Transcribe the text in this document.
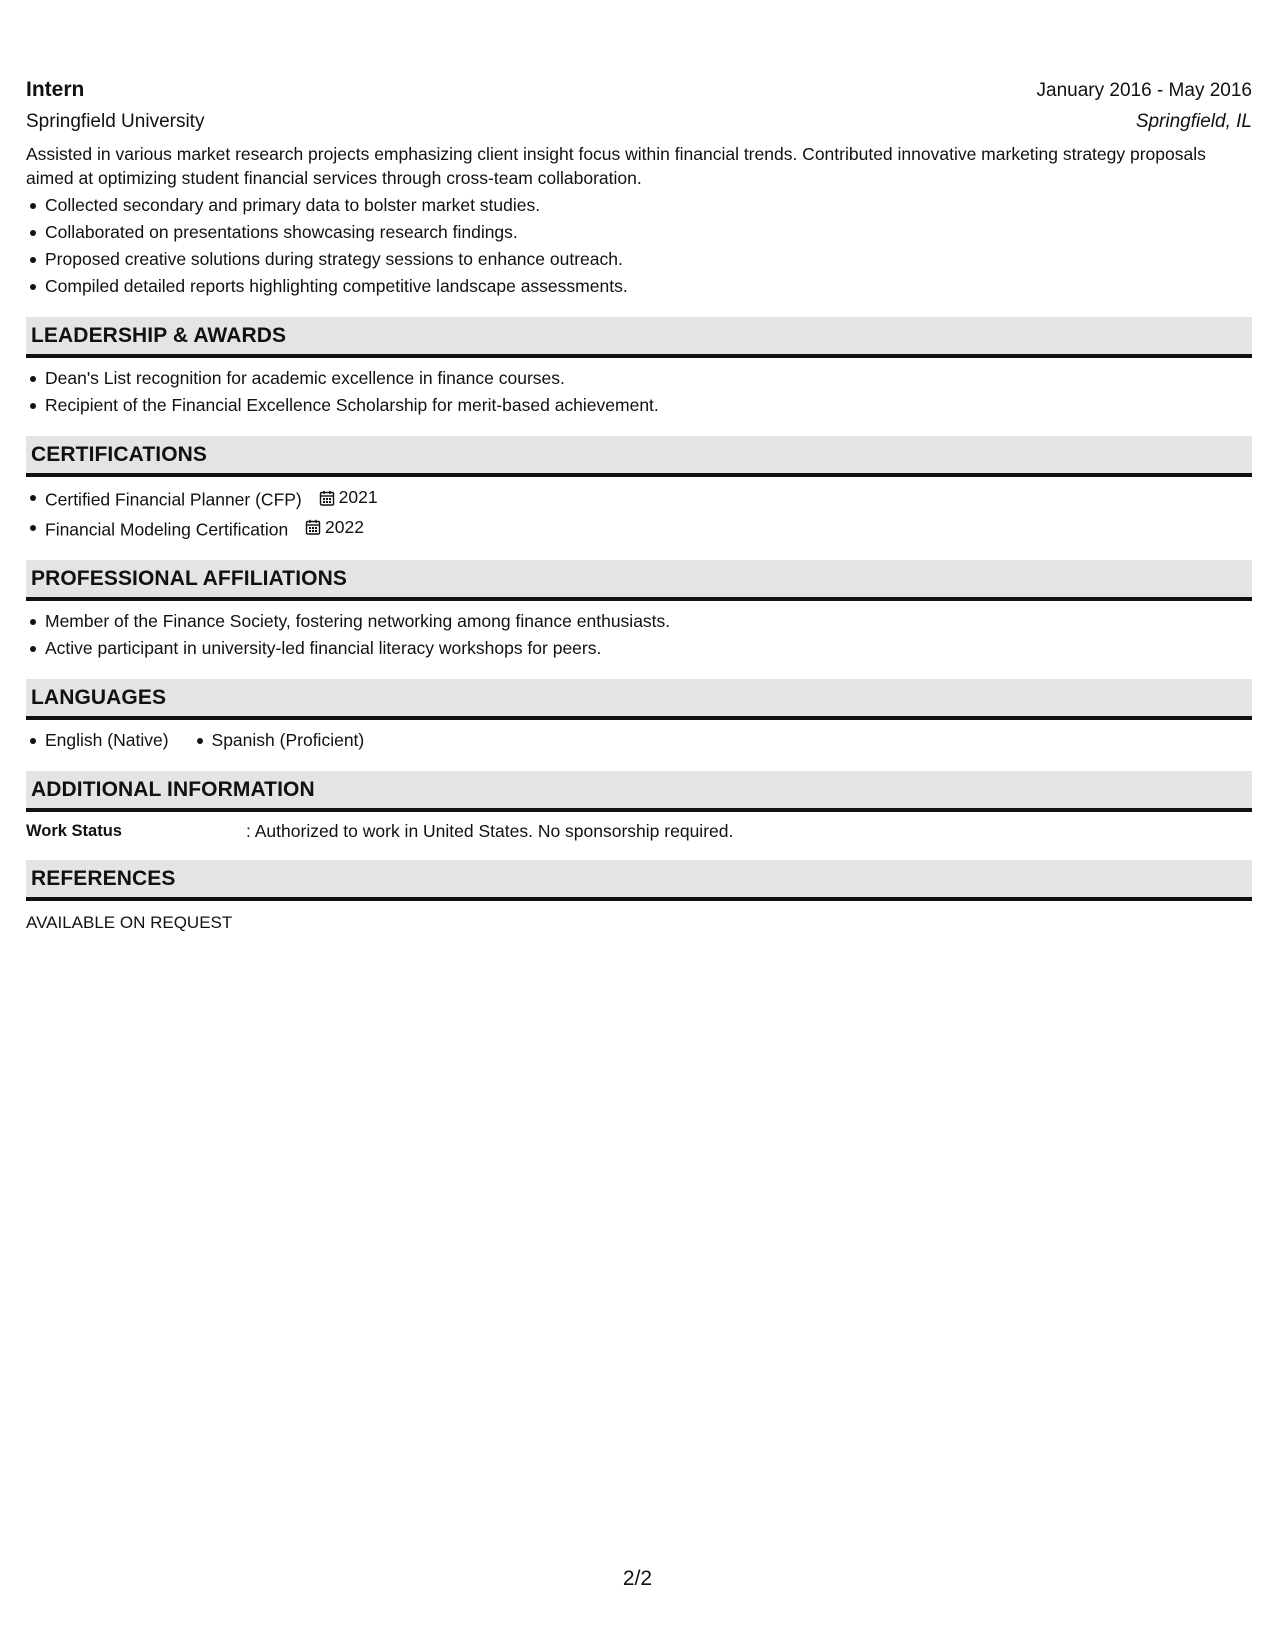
Intern	January 2016 - May 2016
Springfield University	Springfield, IL
Assisted in various market research projects emphasizing client insight focus within financial trends. Contributed innovative marketing strategy proposals aimed at optimizing student financial services through cross-team collaboration.
Collected secondary and primary data to bolster market studies.
Collaborated on presentations showcasing research findings.
Proposed creative solutions during strategy sessions to enhance outreach.
Compiled detailed reports highlighting competitive landscape assessments.
LEADERSHIP & AWARDS
Dean's List recognition for academic excellence in finance courses.
Recipient of the Financial Excellence Scholarship for merit-based achievement.
CERTIFICATIONS
Certified Financial Planner (CFP) 2021
Financial Modeling Certification 2022
PROFESSIONAL AFFILIATIONS
Member of the Finance Society, fostering networking among finance enthusiasts.
Active participant in university-led financial literacy workshops for peers.
LANGUAGES
English (Native) Spanish (Proficient)
ADDITIONAL INFORMATION
Work Status	: Authorized to work in United States. No sponsorship required.
REFERENCES
AVAILABLE ON REQUEST
2/2
